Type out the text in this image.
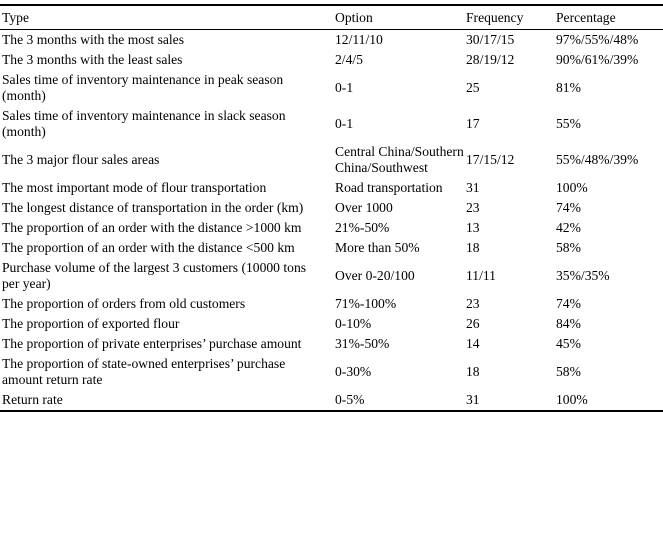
Type	Option	Frequency	Percentage
The 3 months with the most sales	12/11/10	30/17/15	97%/55%/48%
The 3 months with the least sales	2/4/5	28/19/12	90%/61%/39%
Sales time of inventory maintenance in peak season (month)	0-1	25	81%
Sales time of inventory maintenance in slack season (month)	0-1	17	55%
The 3 major flour sales areas	Central China/Southern China/Southwest	17/15/12	55%/48%/39%
The most important mode of flour transportation	Road transportation	31	100%
The longest distance of transportation in the order (km)	Over 1000	23	74%
The proportion of an order with the distance >1000 km	21%-50%	13	42%
The proportion of an order with the distance <500 km	More than 50%	18	58%
Purchase volume of the largest 3 customers (10000 tons per year)	Over 0-20/100	11/11	35%/35%
The proportion of orders from old customers	71%-100%	23	74%
The proportion of exported flour	0-10%	26	84%
The proportion of private enterprises’ purchase amount	31%-50%	14	45%
The proportion of state-owned enterprises’ purchase amount return rate	0-30%	18	58%
Return rate	0-5%	31	100%
